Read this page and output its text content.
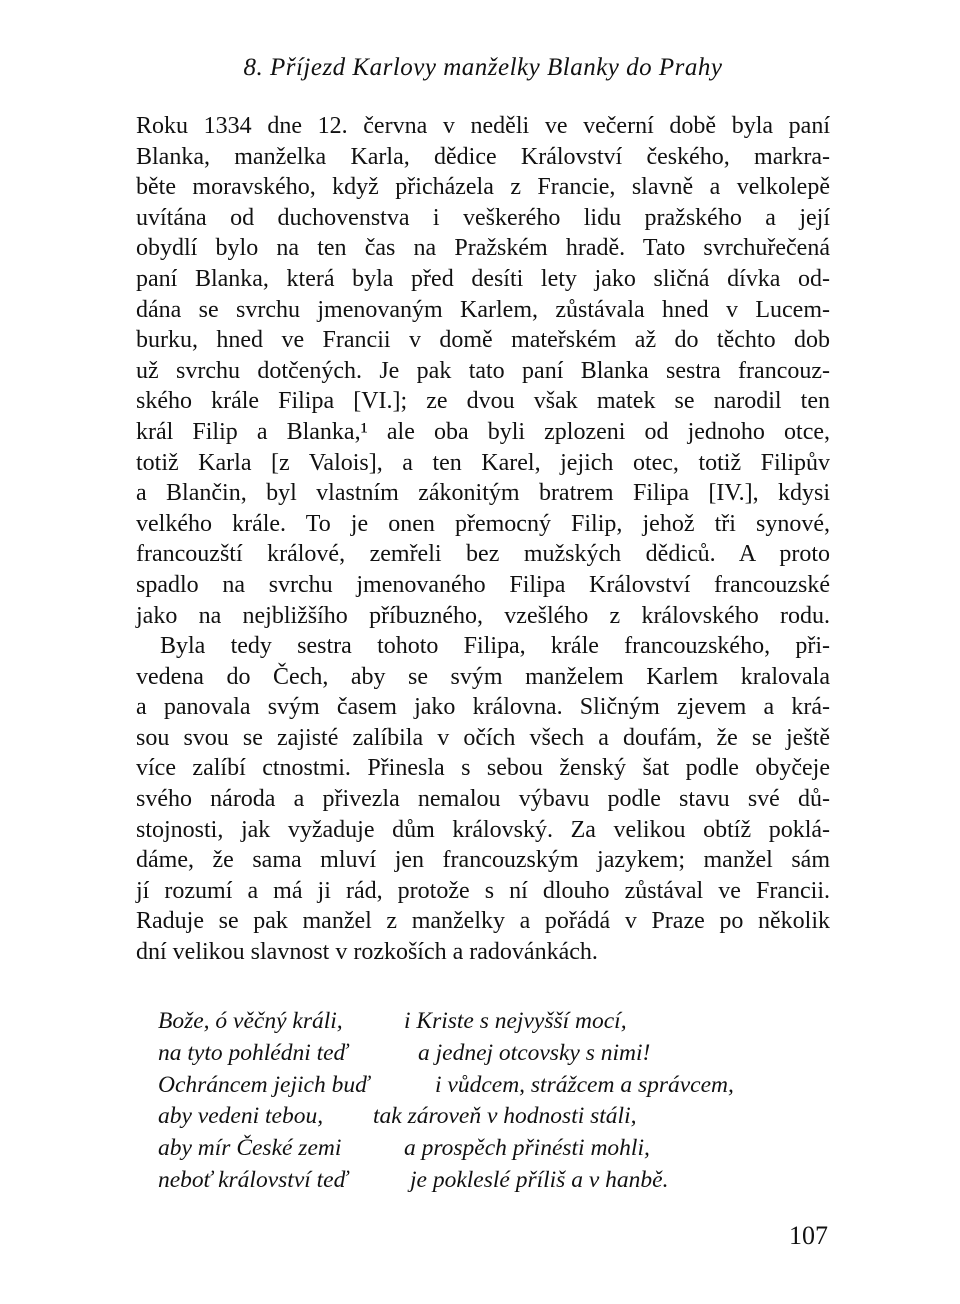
8. Příjezd Karlovy manželky Blanky do Prahy
Roku 1334 dne 12. června v neděli ve večerní době byla paní
Blanka, manželka Karla, dědice Království českého, markra-
běte moravského, když přicházela z Francie, slavně a velkolepě
uvítána od duchovenstva i veškerého lidu pražského a její
obydlí bylo na ten čas na Pražském hradě. Tato svrchuřečená
paní Blanka, která byla před desíti lety jako sličná dívka od-
dána se svrchu jmenovaným Karlem, zůstávala hned v Lucem-
burku, hned ve Francii v domě mateřském až do těchto dob
už svrchu dotčených. Je pak tato paní Blanka sestra francouz-
ského krále Filipa [VI.]; ze dvou však matek se narodil ten
král Filip a Blanka,¹ ale oba byli zplozeni od jednoho otce,
totiž Karla [z Valois], a ten Karel, jejich otec, totiž Filipův
a Blančin, byl vlastním zákonitým bratrem Filipa [IV.], kdysi
velkého krále. To je onen přemocný Filip, jehož tři synové,
francouzští králové, zemřeli bez mužských dědiců. A proto
spadlo na svrchu jmenovaného Filipa Království francouzské
jako na nejbližšího příbuzného, vzešlého z královského rodu.
Byla tedy sestra tohoto Filipa, krále francouzského, při-
vedena do Čech, aby se svým manželem Karlem kralovala
a panovala svým časem jako královna. Sličným zjevem a krá-
sou svou se zajisté zalíbila v očích všech a doufám, že se ještě
více zalíbí ctnostmi. Přinesla s sebou ženský šat podle obyčeje
svého národa a přivezla nemalou výbavu podle stavu své dů-
stojnosti, jak vyžaduje dům královský. Za velikou obtíž poklá-
dáme, že sama mluví jen francouzským jazykem; manžel sám
jí rozumí a má ji rád, protože s ní dlouho zůstával ve Francii.
Raduje se pak manžel z manželky a pořádá v Praze po několik
dní velikou slavnost v rozkoších a radovánkách.
Bože, ó věčný králi,	i Kriste s nejvyšší mocí,
na tyto pohlédni teď	a jednej otcovsky s nimi!
Ochráncem jejich buď	i vůdcem, strážcem a správcem,
aby vedeni tebou, tak zároveň v hodnosti stáli,
aby mír České zemi	a prospěch přinésti mohli,
neboť království teď	je pokleslé příliš a v hanbě.
107
